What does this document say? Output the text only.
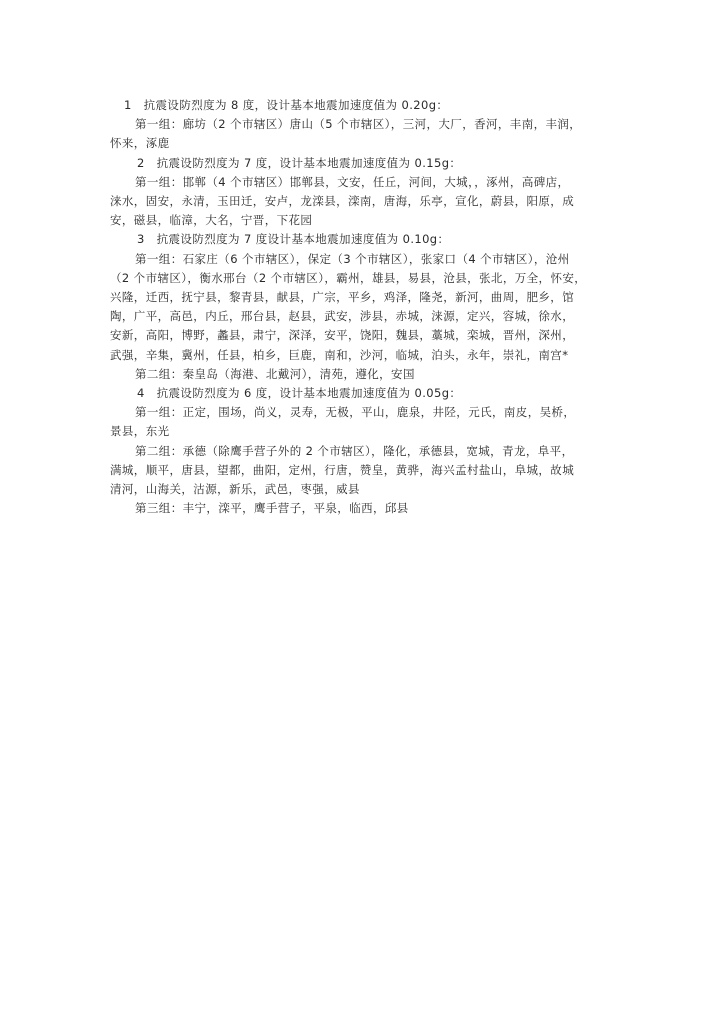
1　抗震设防烈度为 8 度，设计基本地震加速度值为 0.20g：
第一组：廊坊（2 个市辖区）唐山（5 个市辖区），三河，大厂，香河，丰南，丰润，
怀来，涿鹿
2　抗震设防烈度为 7 度，设计基本地震加速度值为 0.15g：
第一组：邯郸（4 个市辖区）邯郸县，文安，任丘，河间，大城，，涿州，高碑店，
涞水，固安，永清，玉田迁，安卢，龙滦县，滦南，唐海，乐亭，宣化，蔚县，阳原，成
安，磁县，临漳，大名，宁晋，下花园
3　抗震设防烈度为 7 度设计基本地震加速度值为 0.10g：
第一组：石家庄（6 个市辖区），保定（3 个市辖区），张家口（4 个市辖区），沧州
（2 个市辖区），衡水邢台（2 个市辖区），霸州，雄县，易县，沧县，张北，万全，怀安，
兴隆，迁西，抚宁县，黎青县，献县，广宗，平乡，鸡泽，隆尧，新河，曲周，肥乡，馆
陶，广平，高邑，内丘，邢台县，赵县，武安，涉县，赤城，涞源，定兴，容城，徐水，
安新，高阳，博野，蠡县，肃宁，深泽，安平，饶阳，魏县，藁城，栾城，晋州，深州，
武强，辛集，冀州，任县，柏乡，巨鹿，南和，沙河，临城，泊头，永年，崇礼，南宫*
第二组：秦皇岛（海港、北戴河），清苑，遵化，安国
4　抗震设防烈度为 6 度，设计基本地震加速度值为 0.05g：
第一组：正定，围场，尚义，灵寿，无极，平山，鹿泉，井陉，元氏，南皮，吴桥，
景县，东光
第二组：承德（除鹰手营子外的 2 个市辖区），隆化，承德县，宽城，青龙，阜平，
满城，顺平，唐县，望都，曲阳，定州，行唐，赞皇，黄骅，海兴孟村盐山，阜城，故城
清河，山海关，沽源，新乐，武邑，枣强，威县
第三组：丰宁，滦平，鹰手营子，平泉，临西，邱县
